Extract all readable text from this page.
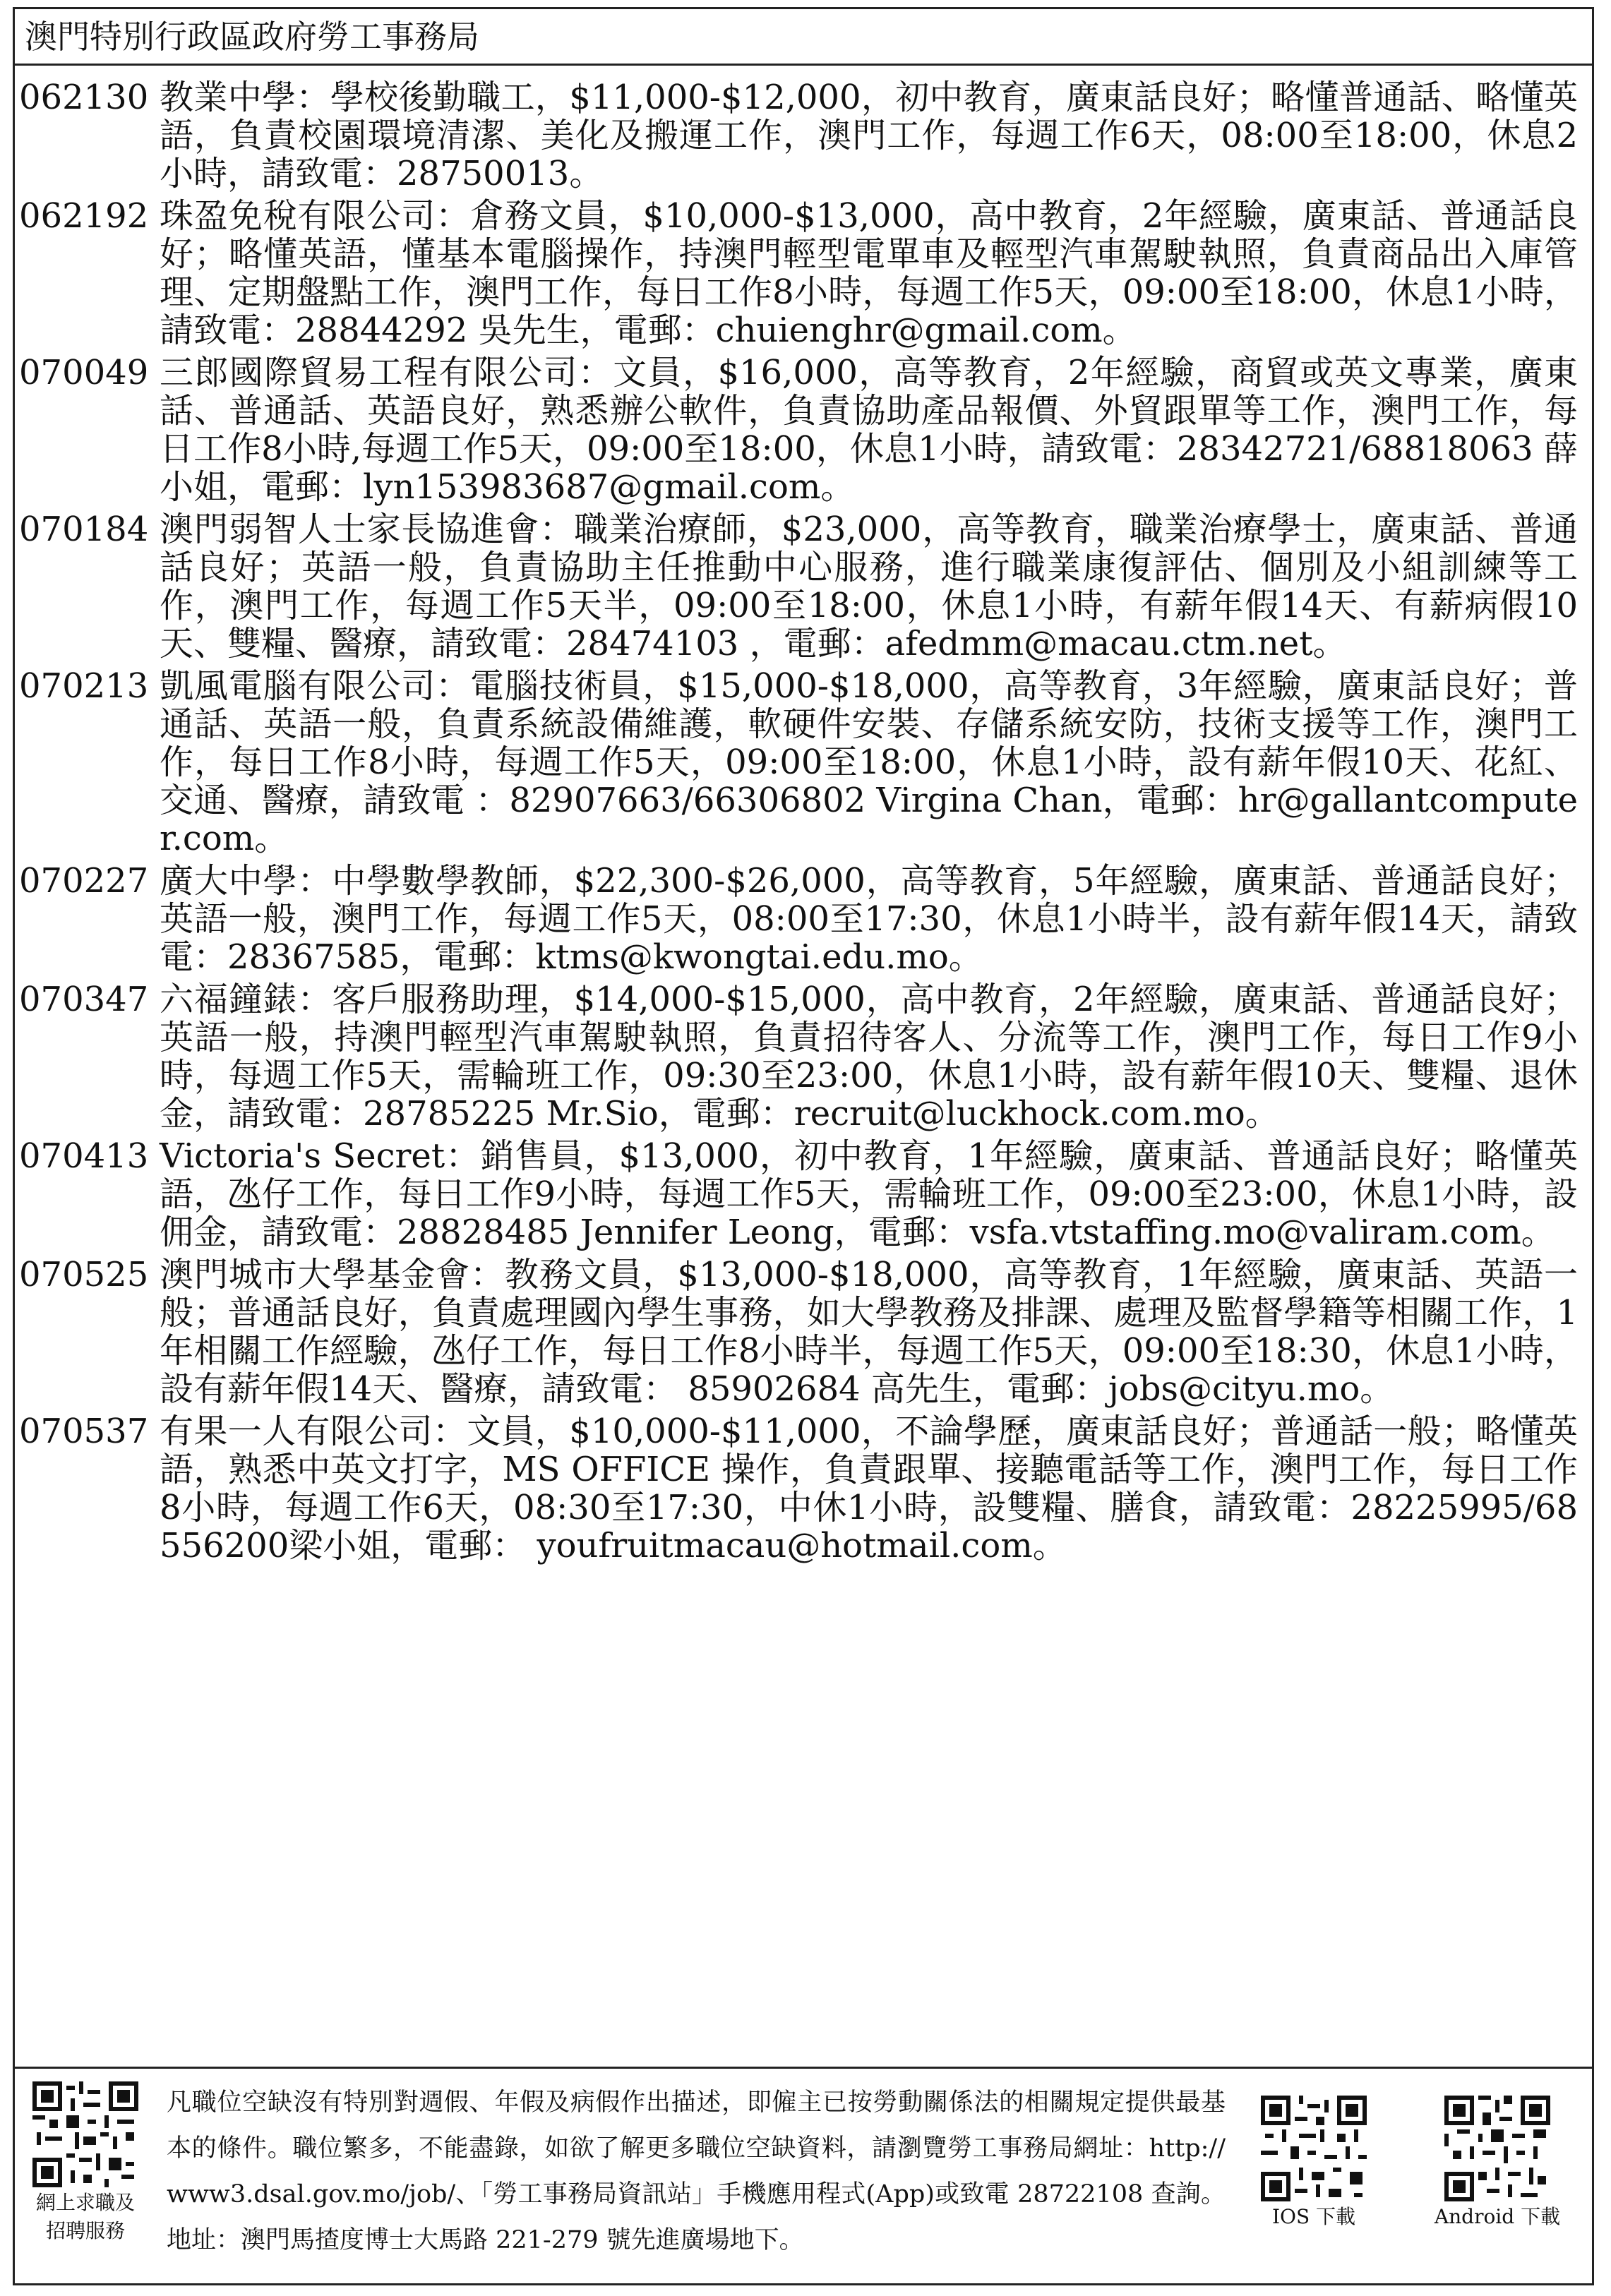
澳門特別行政區政府勞工事務局
062130 教業中學：學校後勤職工，$11,000-$12,000，初中教育，廣東話良好；略懂普通話、略懂英語，負責校園環境清潔、美化及搬運工作，澳門工作，每週工作6天，08:00至18:00，休息2小時，請致電：28750013。
062192 珠盈免稅有限公司：倉務文員，$10,000-$13,000，高中教育，2年經驗，廣東話、普通話良好；略懂英語，懂基本電腦操作，持澳門輕型電單車及輕型汽車駕駛執照，負責商品出入庫管理、定期盤點工作，澳門工作，每日工作8小時，每週工作5天，09:00至18:00，休息1小時，請致電：28844292 吳先生，電郵：chuienghr@gmail.com。
070049 三郎國際貿易工程有限公司：文員，$16,000，高等教育，2年經驗，商貿或英文專業，廣東話、普通話、英語良好，熟悉辦公軟件，負責協助產品報價、外貿跟單等工作，澳門工作，每日工作8小時,每週工作5天，09:00至18:00，休息1小時，請致電：28342721/68818063 薛小姐，電郵：lyn153983687@gmail.com。
070184 澳門弱智人士家長協進會：職業治療師，$23,000，高等教育，職業治療學士，廣東話、普通話良好；英語一般，負責協助主任推動中心服務，進行職業康復評估、個別及小組訓練等工作，澳門工作，每週工作5天半，09:00至18:00，休息1小時，有薪年假14天、有薪病假10天、雙糧、醫療，請致電：28474103 ，電郵：afedmm@macau.ctm.net。
070213 凱風電腦有限公司：電腦技術員，$15,000-$18,000，高等教育，3年經驗，廣東話良好；普通話、英語一般，負責系統設備維護，軟硬件安裝、存儲系統安防，技術支援等工作，澳門工作，每日工作8小時，每週工作5天，09:00至18:00，休息1小時，設有薪年假10天、花紅、交通、醫療，請致電 ：82907663/66306802 Virgina Chan，電郵：hr@gallantcomputer.com。
070227 廣大中學：中學數學教師，$22,300-$26,000，高等教育，5年經驗，廣東話、普通話良好；英語一般，澳門工作，每週工作5天，08:00至17:30，休息1小時半，設有薪年假14天，請致電：28367585，電郵：ktms@kwongtai.edu.mo。
070347 六福鐘錶：客戶服務助理，$14,000-$15,000，高中教育，2年經驗，廣東話、普通話良好；英語一般，持澳門輕型汽車駕駛執照，負責招待客人、分流等工作，澳門工作，每日工作9小時，每週工作5天，需輪班工作，09:30至23:00，休息1小時，設有薪年假10天、雙糧、退休金，請致電：28785225 Mr.Sio，電郵：recruit@luckhock.com.mo。
070413 Victoria's Secret：銷售員，$13,000，初中教育，1年經驗，廣東話、普通話良好；略懂英語，氹仔工作，每日工作9小時，每週工作5天，需輪班工作，09:00至23:00，休息1小時，設佣金，請致電：28828485 Jennifer Leong，電郵：vsfa.vtstaffing.mo@valiram.com。
070525 澳門城市大學基金會：教務文員，$13,000-$18,000，高等教育，1年經驗，廣東話、英語一般；普通話良好，負責處理國內學生事務，如大學教務及排課、處理及監督學籍等相關工作，1年相關工作經驗，氹仔工作，每日工作8小時半，每週工作5天，09:00至18:30，休息1小時，設有薪年假14天、醫療，請致電： 85902684 高先生，電郵：jobs@cityu.mo。
070537 有果一人有限公司：文員，$10,000-$11,000，不論學歷，廣東話良好；普通話一般；略懂英語，熟悉中英文打字，MS OFFICE 操作，負責跟單、接聽電話等工作，澳門工作，每日工作8小時，每週工作6天，08:30至17:30，中休1小時，設雙糧、膳食，請致電：28225995/68556200梁小姐，電郵： youfruitmacau@hotmail.com。
網上求職及
招聘服務
凡職位空缺沒有特別對週假、年假及病假作出描述，即僱主已按勞動關係法的相關規定提供最基本的條件。職位繁多，不能盡錄，如欲了解更多職位空缺資料，請瀏覽勞工事務局網址：http://www3.dsal.gov.mo/job/、「勞工事務局資訊站」手機應用程式(App)或致電 28722108 查詢。地址：澳門馬揸度博士大馬路 221-279 號先進廣場地下。
IOS 下載	Android 下載
